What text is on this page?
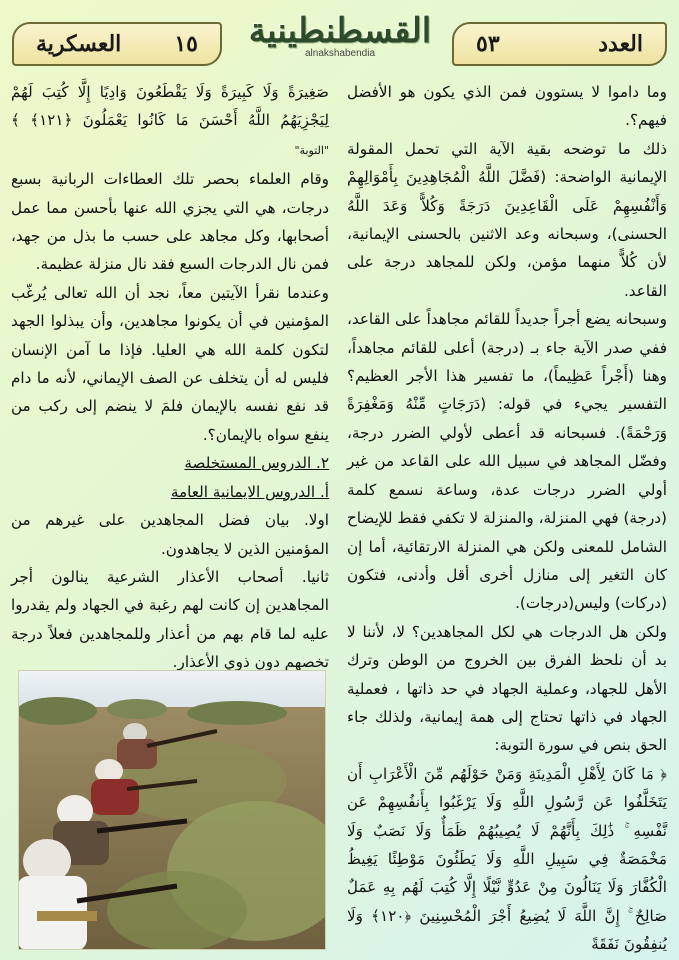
العدد
٥٣
القسطنطينية
alnakshabendia
١٥
العسكرية

وما داموا لا يستوون فمن الذي يكون هو الأفضل فيهم؟.

ذلك ما توضحه بقية الآية التي تحمل المقولة الإيمانية الواضحة: (فَضَّلَ اللَّهُ الْمُجَاهِدِينَ بِأَمْوَالِهِمْ وَأَنْفُسِهِمْ عَلَى الْقَاعِدِينَ دَرَجَةً وَكُلاًّ وَعَدَ اللَّهُ الحسنى)، وسبحانه وعد الاثنين بالحسنى الإيمانية، لأن كُلاًّ منهما مؤمن، ولكن للمجاهد درجة على القاعد.

وسبحانه يضع أجراً جديداً للقائم مجاهداً على القاعد، ففي صدر الآية جاء بـ (درجة) أعلى للقائم مجاهداً، وهنا (أَجْراً عَظِيماً)، ما تفسير هذا الأجر العظيم؟ التفسير يجيء في قوله: (دَرَجَاتٍ مِّنْهُ وَمَغْفِرَةً وَرَحْمَةً). فسبحانه قد أعطى لأولي الضرر درجة، وفضّل المجاهد في سبيل الله على القاعد من غير أولي الضرر درجات عدة، وساعة نسمع كلمة (درجة) فهي المنزلة، والمنزلة لا تكفي فقط للإيضاح الشامل للمعنى ولكن هي المنزلة الارتقائية، أما إن كان التغير إلى منازل أخرى أقل وأدنى، فتكون (دركات) وليس(درجات).

ولكن هل الدرجات هي لكل المجاهدين؟ لا، لأننا لا بد أن نلحظ الفرق بين الخروج من الوطن وترك الأهل للجهاد، وعملية الجهاد في حد ذاتها ، فعملية الجهاد في ذاتها تحتاج إلى همة إيمانية، ولذلك جاء الحق بنص في سورة التوبة:

﴿ مَا كَانَ لِأَهْلِ الْمَدِينَةِ وَمَنْ حَوْلَهُم مِّنَ الْأَعْرَابِ أَن يَتَخَلَّفُوا عَن رَّسُولِ اللَّهِ وَلَا يَرْغَبُوا بِأَنفُسِهِمْ عَن نَّفْسِهِ ۚ ذَٰلِكَ بِأَنَّهُمْ لَا يُصِيبُهُمْ ظَمَأٌ وَلَا نَصَبٌ وَلَا مَخْمَصَةٌ فِي سَبِيلِ اللَّهِ وَلَا يَطَئُونَ مَوْطِئًا يَغِيظُ الْكُفَّارَ وَلَا يَنَالُونَ مِنْ عَدُوٍّ نَّيْلًا إِلَّا كُتِبَ لَهُم بِهِ عَمَلٌ صَالِحٌ ۚ إِنَّ اللَّهَ لَا يُضِيعُ أَجْرَ الْمُحْسِنِينَ ﴿١٢٠﴾ وَلَا يُنفِقُونَ نَفَقَةً

صَغِيرَةً وَلَا كَبِيرَةً وَلَا يَقْطَعُونَ وَادِيًا إِلَّا كُتِبَ لَهُمْ لِيَجْزِيَهُمُ اللَّهُ أَحْسَنَ مَا كَانُوا يَعْمَلُونَ ﴿١٢١﴾ ﴾ "التوبة"

وقام العلماء بحصر تلك العطاءات الربانية بسبع درجات، هي التي يجزي الله عنها بأحسن مما عمل أصحابها، وكل مجاهد على حسب ما بذل من جهد، فمن نال الدرجات السبع فقد نال منزلة عظيمة.

وعندما نقرأ الآيتين معاً، نجد أن الله تعالى يُرغّب المؤمنين في أن يكونوا مجاهدين، وأن يبذلوا الجهد لتكون كلمة الله هي العليا. فإذا ما آمن الإنسان فليس له أن يتخلف عن الصف الإيماني، لأنه ما دام قد نفع نفسه بالإيمان فلمَ لا ينضم إلى ركب من ينفع سواه بالإيمان؟.

٢. الدروس المستخلصة

أ. الدروس الايمانية العامة

اولا. بيان فضل المجاهدين على غيرهم من المؤمنين الذين لا يجاهدون.

ثانيا. أصحاب الأعذار الشرعية ينالون أجر المجاهدين إن كانت لهم رغبة في الجهاد ولم يقدروا عليه لما قام بهم من أعذار وللمجاهدين فعلاً درجة تخصهم دون ذوي الأعذار.
